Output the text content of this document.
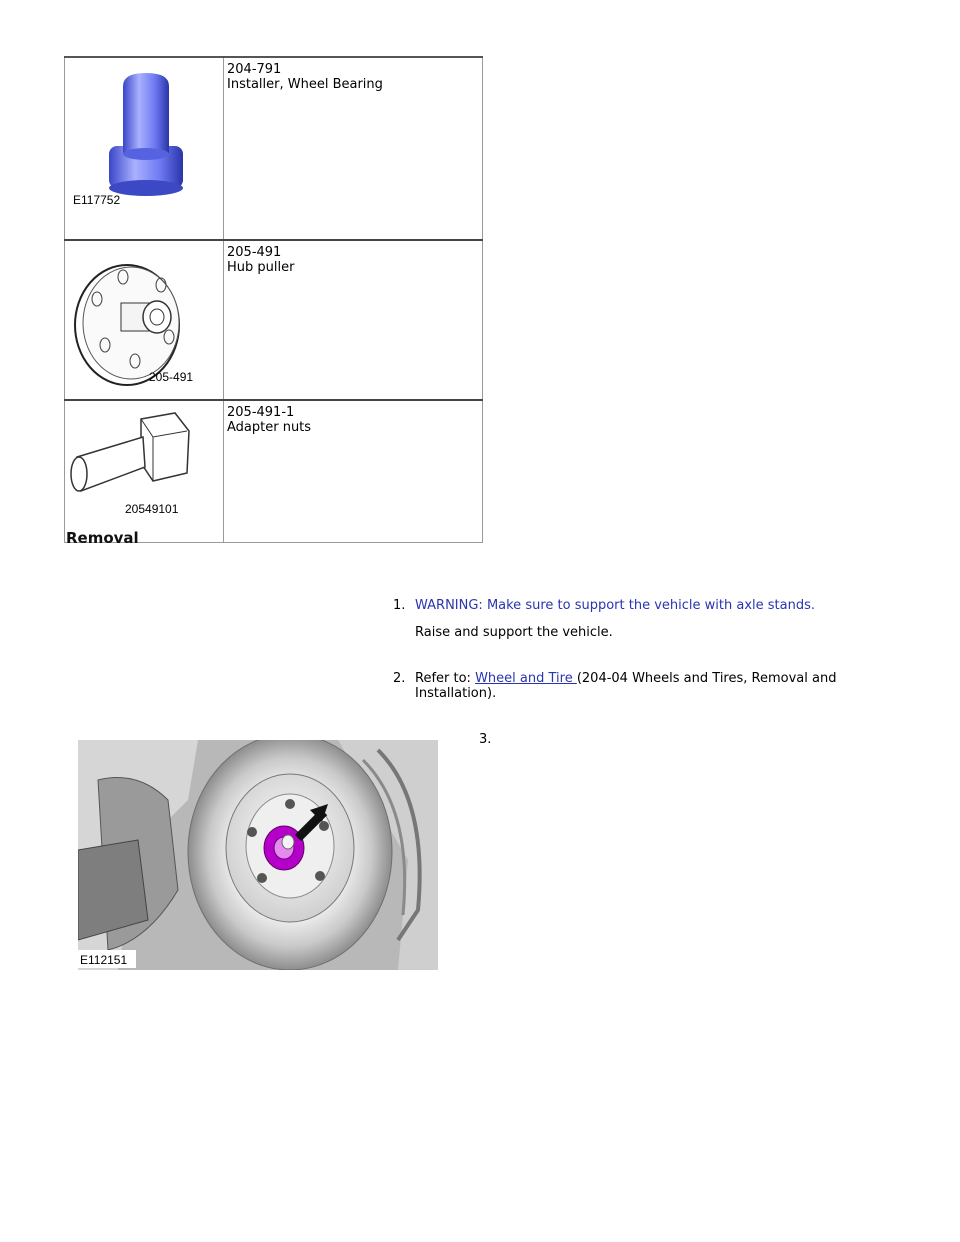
E117752	204-791
Installer, Wheel Bearing

205-491	205-491
Hub puller

20549101	205-491-1
Adapter nuts
Removal
1. WARNING: Make sure to support the vehicle with axle stands.
Raise and support the vehicle.
2. Refer to: Wheel and Tire (204-04 Wheels and Tires, Removal and
Installation).
3.
E112151
